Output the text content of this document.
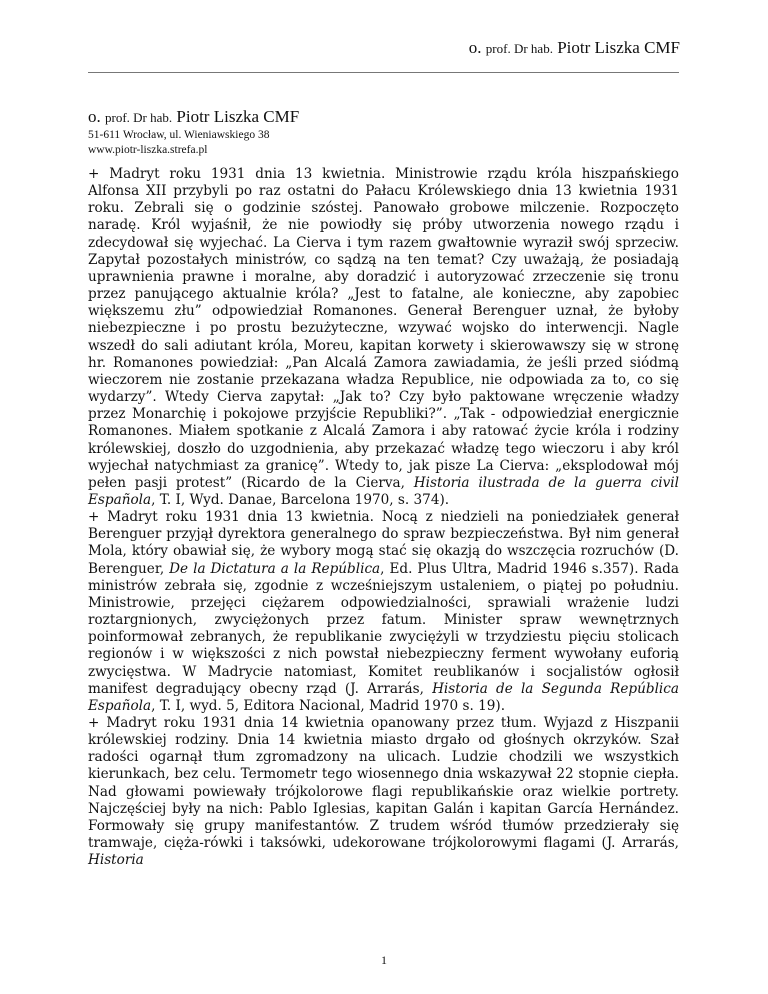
o. prof. Dr hab. Piotr Liszka CMF
o. prof. Dr hab. Piotr Liszka CMF
51-611 Wrocław, ul. Wieniawskiego 38
www.piotr-liszka.strefa.pl

+ Madryt roku 1931 dnia 13 kwietnia. Ministrowie rządu króla hiszpańskiego Alfonsa XII przybyli po raz ostatni do Pałacu Królewskiego dnia 13 kwietnia 1931 roku. Zebrali się o godzinie szóstej. Panowało grobowe milczenie. Rozpoczęto naradę. Król wyjaśnił, że nie powiodły się próby utworzenia nowego rządu i zdecydował się wyjechać. La Cierva i tym razem gwałtownie wyraził swój sprzeciw. Zapytał pozostałych ministrów, co sądzą na ten temat? Czy uważają, że posiadają uprawnienia prawne i moralne, aby doradzić i autoryzować zrzeczenie się tronu przez panującego aktualnie króla? „Jest to fatalne, ale konieczne, aby zapobiec większemu złu” odpowiedział Romanones. Generał Berenguer uznał, że byłoby niebezpieczne i po prostu bezużyteczne, wzywać wojsko do interwencji. Nagle wszedł do sali adiutant króla, Moreu, kapitan korwety i skierowawszy się w stronę hr. Romanones powiedział: „Pan Alcalá Zamora zawiadamia, że jeśli przed siódmą wieczorem nie zostanie przekazana władza Republice, nie odpowiada za to, co się wydarzy”. Wtedy Cierva zapytał: „Jak to? Czy było paktowane wręczenie władzy przez Monarchię i pokojowe przyjście Republiki?”. „Tak - odpowiedział energicznie Romanones. Miałem spotkanie z Alcalá Zamora i aby ratować życie króla i rodziny królewskiej, doszło do uzgodnienia, aby przekazać władzę tego wieczoru i aby król wyjechał natychmiast za granicę”. Wtedy to, jak pisze La Cierva: „eksplodował mój pełen pasji protest” (Ricardo de la Cierva, Historia ilustrada de la guerra civil Española, T. I, Wyd. Danae, Barcelona 1970, s. 374).

+ Madryt roku 1931 dnia 13 kwietnia. Nocą z niedzieli na poniedziałek generał Berenguer przyjął dyrektora generalnego do spraw bezpieczeństwa. Był nim generał Mola, który obawiał się, że wybory mogą stać się okazją do wszczęcia rozruchów (D. Berenguer, De la Dictatura a la República, Ed. Plus Ultra, Madrid 1946 s.357). Rada ministrów zebrała się, zgodnie z wcześniejszym ustaleniem, o piątej po południu. Ministrowie, przejęci ciężarem odpowiedzialności, sprawiali wrażenie ludzi roztargnionych, zwyciężonych przez fatum. Minister spraw wewnętrznych poinformował zebranych, że republikanie zwyciężyli w trzydziestu pięciu stolicach regionów i w większości z nich powstał niebezpieczny ferment wywołany euforią zwycięstwa. W Madrycie natomiast, Komitet reublikanów i socjalistów ogłosił manifest degradujący obecny rząd (J. Arrarás, Historia de la Segunda República Española, T. I, wyd. 5, Editora Nacional, Madrid 1970 s. 19).

+ Madryt roku 1931 dnia 14 kwietnia opanowany przez tłum. Wyjazd z Hiszpanii królewskiej rodziny. Dnia 14 kwietnia miasto drgało od głośnych okrzyków. Szał radości ogarnął tłum zgromadzony na ulicach. Ludzie chodzili we wszystkich kierunkach, bez celu. Termometr tego wiosennego dnia wskazywał 22 stopnie ciepła. Nad głowami powiewały trójkolorowe flagi republikańskie oraz wielkie portrety. Najczęściej były na nich: Pablo Iglesias, kapitan Galán i kapitan García Hernández. Formowały się grupy manifestantów. Z trudem wśród tłumów przedzierały się tramwaje, cięża-rówki i taksówki, udekorowane trójkolorowymi flagami (J. Arrarás, Historia

1
